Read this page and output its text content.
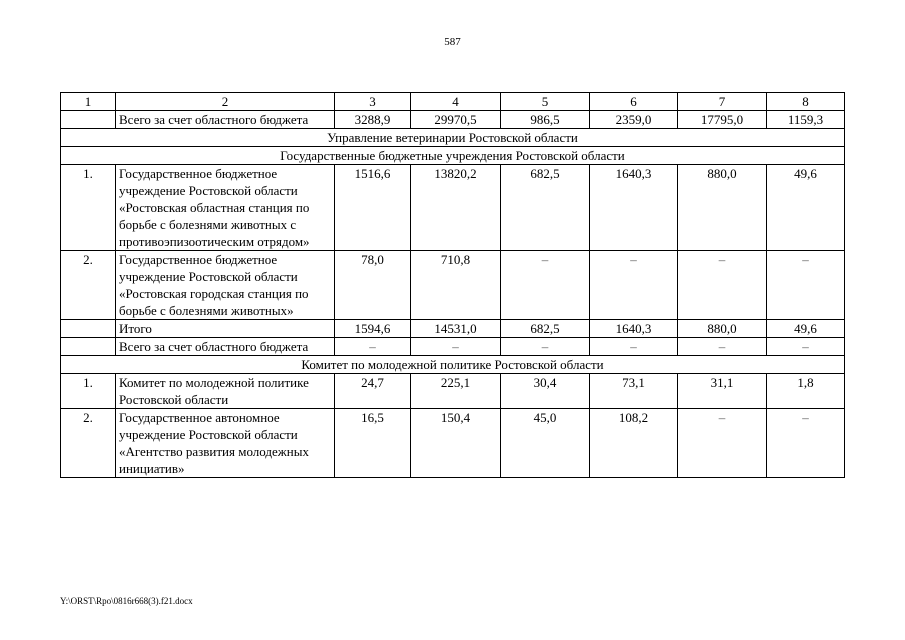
587
1	2	3	4	5	6	7	8
	Всего за счет областного бюджета	3288,9	29970,5	986,5	2359,0	17795,0	1159,3
Управление ветеринарии Ростовской области							
Государственные бюджетные учреждения Ростовской области							
1.	Государственное бюджетное учреждение Ростовской области «Ростовская областная станция по борьбе с болезнями животных с противоэпизоотическим отрядом»	1516,6	13820,2	682,5	1640,3	880,0	49,6
2.	Государственное бюджетное учреждение Ростовской области «Ростовская городская станция по борьбе с болезнями животных»	78,0	710,8	–	–	–	–
	Итого	1594,6	14531,0	682,5	1640,3	880,0	49,6
	Всего за счет областного бюджета	–	–	–	–	–	–
Комитет по молодежной политике Ростовской области							
1.	Комитет по молодежной политике Ростовской области	24,7	225,1	30,4	73,1	31,1	1,8
2.	Государственное автономное учреждение Ростовской области «Агентство развития молодежных инициатив»	16,5	150,4	45,0	108,2	–	–
Y:\ORST\Rpo\0816r668(3).f21.docx
